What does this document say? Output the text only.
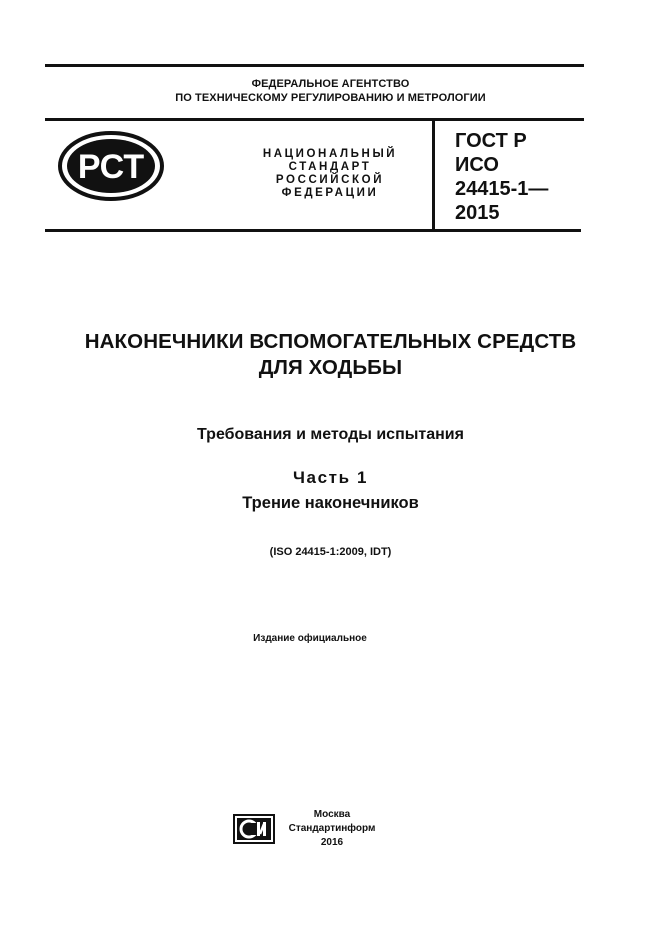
ФЕДЕРАЛЬНОЕ АГЕНТСТВО
ПО ТЕХНИЧЕСКОМУ РЕГУЛИРОВАНИЮ И МЕТРОЛОГИИ
РСТ	НАЦИОНАЛЬНЫЙ
СТАНДАРТ
РОССИЙСКОЙ
ФЕДЕРАЦИИ
ГОСТ Р
ИСО
24415-1—
2015
НАКОНЕЧНИКИ ВСПОМОГАТЕЛЬНЫХ СРЕДСТВ
ДЛЯ ХОДЬБЫ
Требования и методы испытания
Часть 1
Трение наконечников
(ISO 24415-1:2009, IDT)
Издание официальное
Москва
Стандартинформ
2016
